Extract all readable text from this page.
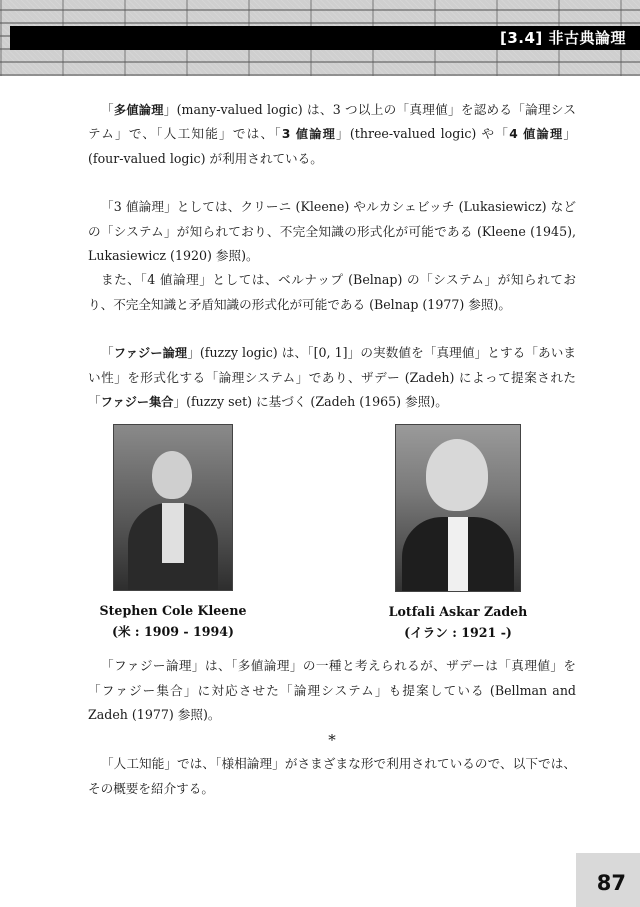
[3.4] 非古典論理

「多値論理」(many-valued logic) は、3 つ以上の「真理値」を認める「論理システム」で、「人工知能」では、「3 値論理」(three-valued logic) や「4 値論理」(four-valued logic) が利用されている。

「3 値論理」としては、クリーニ (Kleene) やルカシェビッチ (Lukasiewicz) などの「システム」が知られており、不完全知識の形式化が可能である (Kleene (1945), Lukasiewicz (1920) 参照)。

また、「4 値論理」としては、ベルナップ (Belnap) の「システム」が知られており、不完全知識と矛盾知識の形式化が可能である (Belnap (1977) 参照)。

「ファジー論理」(fuzzy logic) は、「[0, 1]」の実数値を「真理値」とする「あいまい性」を形式化する「論理システム」であり、ザデー (Zadeh) によって提案された「ファジー集合」(fuzzy set) に基づく (Zadeh (1965) 参照)。

Stephen Cole Kleene
(米 : 1909 - 1994)
Lotfali Askar Zadeh
(イラン : 1921 -)

「ファジー論理」は、「多値論理」の一種と考えられるが、ザデーは「真理値」を「ファジー集合」に対応させた「論理システム」も提案している (Bellman and Zadeh (1977) 参照)。

*

「人工知能」では、「様相論理」がさまざまな形で利用されているので、以下では、その概要を紹介する。

87
